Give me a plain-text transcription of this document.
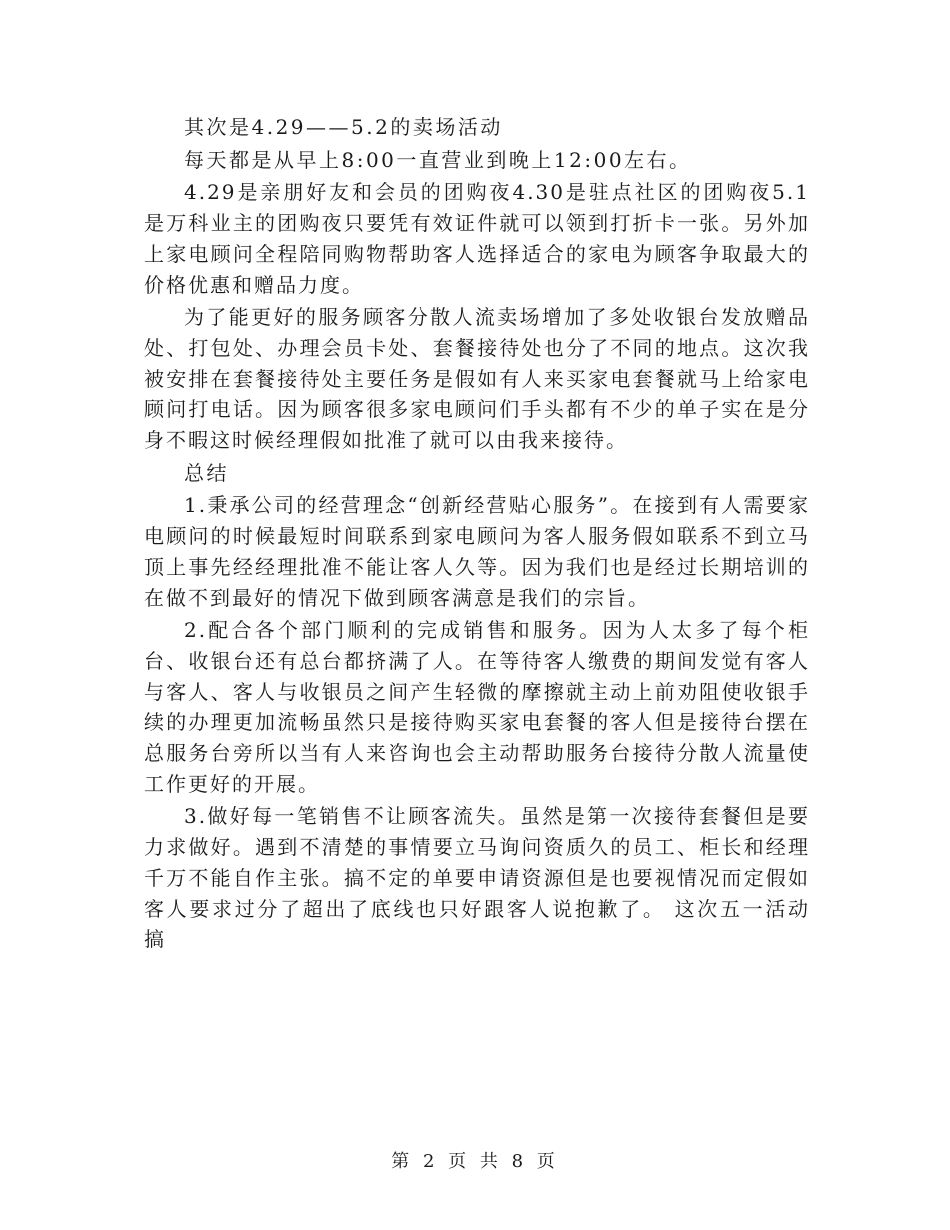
其次是4.29——5.2的卖场活动

每天都是从早上8:00一直营业到晚上12:00左右。

4.29是亲朋好友和会员的团购夜4.30是驻点社区的团购夜5.1是万科业主的团购夜只要凭有效证件就可以领到打折卡一张。另外加上家电顾问全程陪同购物帮助客人选择适合的家电为顾客争取最大的价格优惠和赠品力度。

为了能更好的服务顾客分散人流卖场增加了多处收银台发放赠品处、打包处、办理会员卡处、套餐接待处也分了不同的地点。这次我被安排在套餐接待处主要任务是假如有人来买家电套餐就马上给家电顾问打电话。因为顾客很多家电顾问们手头都有不少的单子实在是分身不暇这时候经理假如批准了就可以由我来接待。

总结

1.秉承公司的经营理念“创新经营贴心服务”。在接到有人需要家电顾问的时候最短时间联系到家电顾问为客人服务假如联系不到立马顶上事先经经理批准不能让客人久等。因为我们也是经过长期培训的在做不到最好的情况下做到顾客满意是我们的宗旨。

2.配合各个部门顺利的完成销售和服务。因为人太多了每个柜台、收银台还有总台都挤满了人。在等待客人缴费的期间发觉有客人与客人、客人与收银员之间产生轻微的摩擦就主动上前劝阻使收银手续的办理更加流畅虽然只是接待购买家电套餐的客人但是接待台摆在总服务台旁所以当有人来咨询也会主动帮助服务台接待分散人流量使工作更好的开展。

3.做好每一笔销售不让顾客流失。虽然是第一次接待套餐但是要力求做好。遇到不清楚的事情要立马询问资质久的员工、柜长和经理千万不能自作主张。搞不定的单要申请资源但是也要视情况而定假如客人要求过分了超出了底线也只好跟客人说抱歉了。 这次五一活动搞

第 2 页 共 8 页
